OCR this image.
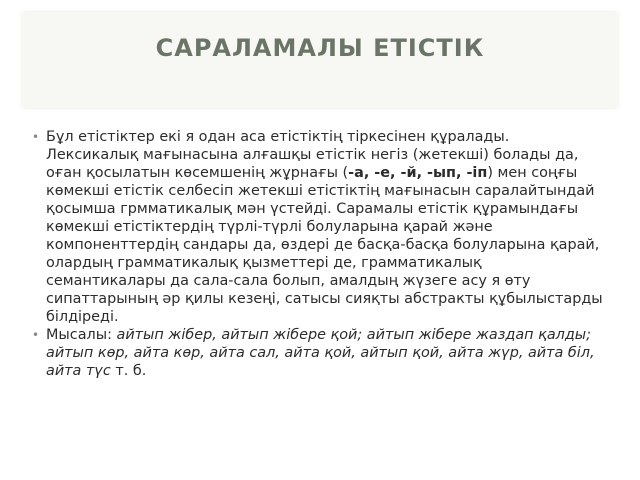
САРАЛАМАЛЫ ЕТІСТІК
• Бұл етістіктер екі я одан аса етістіктің тіркесінен құралады. Лексикалық мағынасына алғашқы етістік негіз (жетекші) болады да, оған қосылатын көсемшенің жұрнағы (-а, -е, -й, -ып, -іп) мен соңғы көмекші етістік селбесіп жетекші етістіктің мағынасын саралайтындай қосымша грмматикалық мән үстейді. Сарамалы етістік құрамындағы көмекші етістіктердің түрлі-түрлі болуларына қарай және компоненттердің сандары да, өздері де басқа-басқа болуларына қарай, олардың грамматикалық қызметтері де, грамматикалық семантикалары да сала-сала болып, амалдың жүзеге асу я өту сипаттарының әр қилы кезеңі, сатысы сияқты абстракты құбылыстарды білдіреді.
• Мысалы: айтып жібер, айтып жібере қой; айтып жібере жаздап қалды; айтып көр, айта көр, айта сал, айта қой, айтып қой, айта жүр, айта біл, айта түс т. б.
